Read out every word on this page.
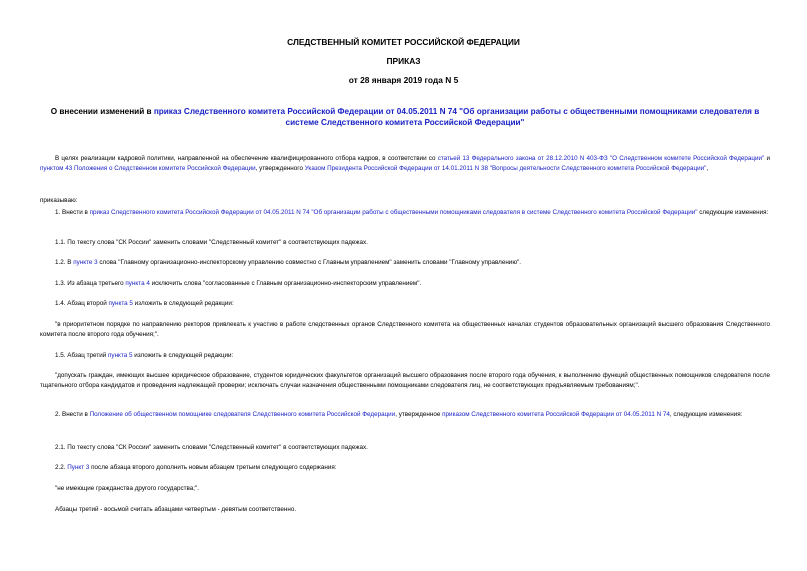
СЛЕДСТВЕННЫЙ КОМИТЕТ РОССИЙСКОЙ ФЕДЕРАЦИИ
ПРИКАЗ
от 28 января 2019 года N 5
О внесении изменений в приказ Следственного комитета Российской Федерации от 04.05.2011 N 74 "Об организации работы с общественными помощниками следователя в системе Следственного комитета Российской Федерации"
В целях реализации кадровой политики, направленной на обеспечение квалифицированного отбора кадров, в соответствии со статьей 13 Федерального закона от 28.12.2010 N 403-ФЗ "О Следственном комитете Российской Федерации" и пунктом 43 Положения о Следственном комитете Российской Федерации, утвержденного Указом Президента Российской Федерации от 14.01.2011 N 38 "Вопросы деятельности Следственного комитета Российской Федерации",
приказываю:
1. Внести в приказ Следственного комитета Российской Федерации от 04.05.2011 N 74 "Об организации работы с общественными помощниками следователя в системе Следственного комитета Российской Федерации" следующие изменения:
1.1. По тексту слова "СК России" заменить словами "Следственный комитет" в соответствующих падежах.
1.2. В пункте 3 слова "Главному организационно-инспекторскому управлению совместно с Главным управлением" заменить словами "Главному управлению".
1.3. Из абзаца третьего пункта 4 исключить слова "согласованные с Главным организационно-инспекторским управлением".
1.4. Абзац второй пункта 5 изложить в следующей редакции:
"в приоритетном порядке по направлению ректоров привлекать к участию в работе следственных органов Следственного комитета на общественных началах студентов образовательных организаций высшего образования Следственного комитета после второго года обучения;".
1.5. Абзац третий пункта 5 изложить в следующей редакции:
"допускать граждан, имеющих высшее юридическое образование, студентов юридических факультетов организаций высшего образования после второго года обучения, к выполнению функций общественных помощников следователя после тщательного отбора кандидатов и проведения надлежащей проверки; исключать случаи назначения общественными помощниками следователя лиц, не соответствующих предъявляемым требованиям;".
2. Внести в Положение об общественном помощнике следователя Следственного комитета Российской Федерации, утвержденное приказом Следственного комитета Российской Федерации от 04.05.2011 N 74, следующие изменения:
2.1. По тексту слова "СК России" заменить словами "Следственный комитет" в соответствующих падежах.
2.2. Пункт 3 после абзаца второго дополнить новым абзацем третьим следующего содержания:
"не имеющие гражданства другого государства;".
Абзацы третий - восьмой считать абзацами четвертым - девятым соответственно.
